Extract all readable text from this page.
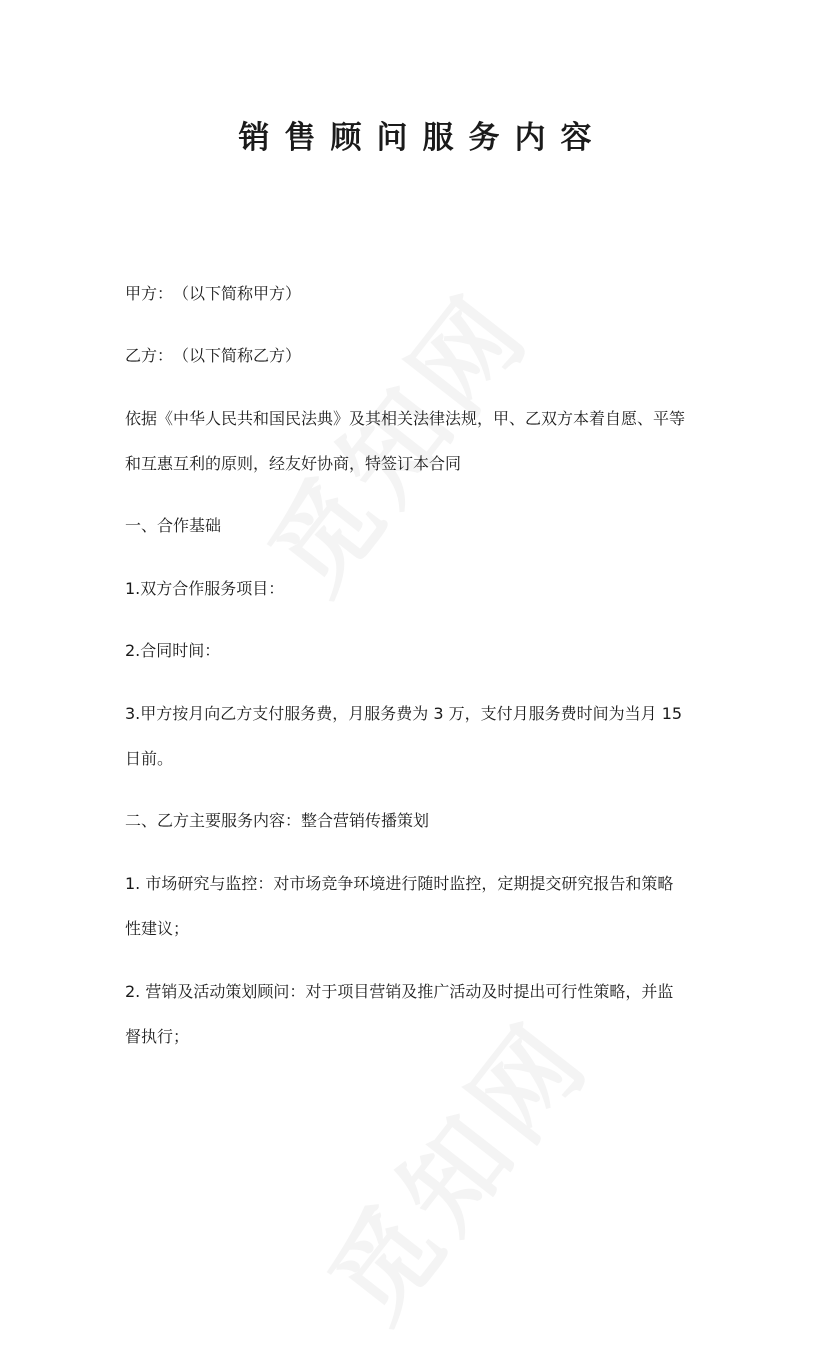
销售顾问服务内容
甲方：　（以下简称甲方）
乙方：　（以下简称乙方）
依据《中华人民共和国民法典》及其相关法律法规，甲、乙双方本着自愿、平等
和互惠互利的原则，经友好协商，特签订本合同
一、合作基础
1.双方合作服务项目：
2.合同时间：
3.甲方按月向乙方支付服务费，月服务费为 3 万，支付月服务费时间为当月 15
日前。
二、乙方主要服务内容：整合营销传播策划
1. 市场研究与监控：对市场竞争环境进行随时监控，定期提交研究报告和策略
性建议；
2. 营销及活动策划顾问：对于项目营销及推广活动及时提出可行性策略，并监
督执行；
